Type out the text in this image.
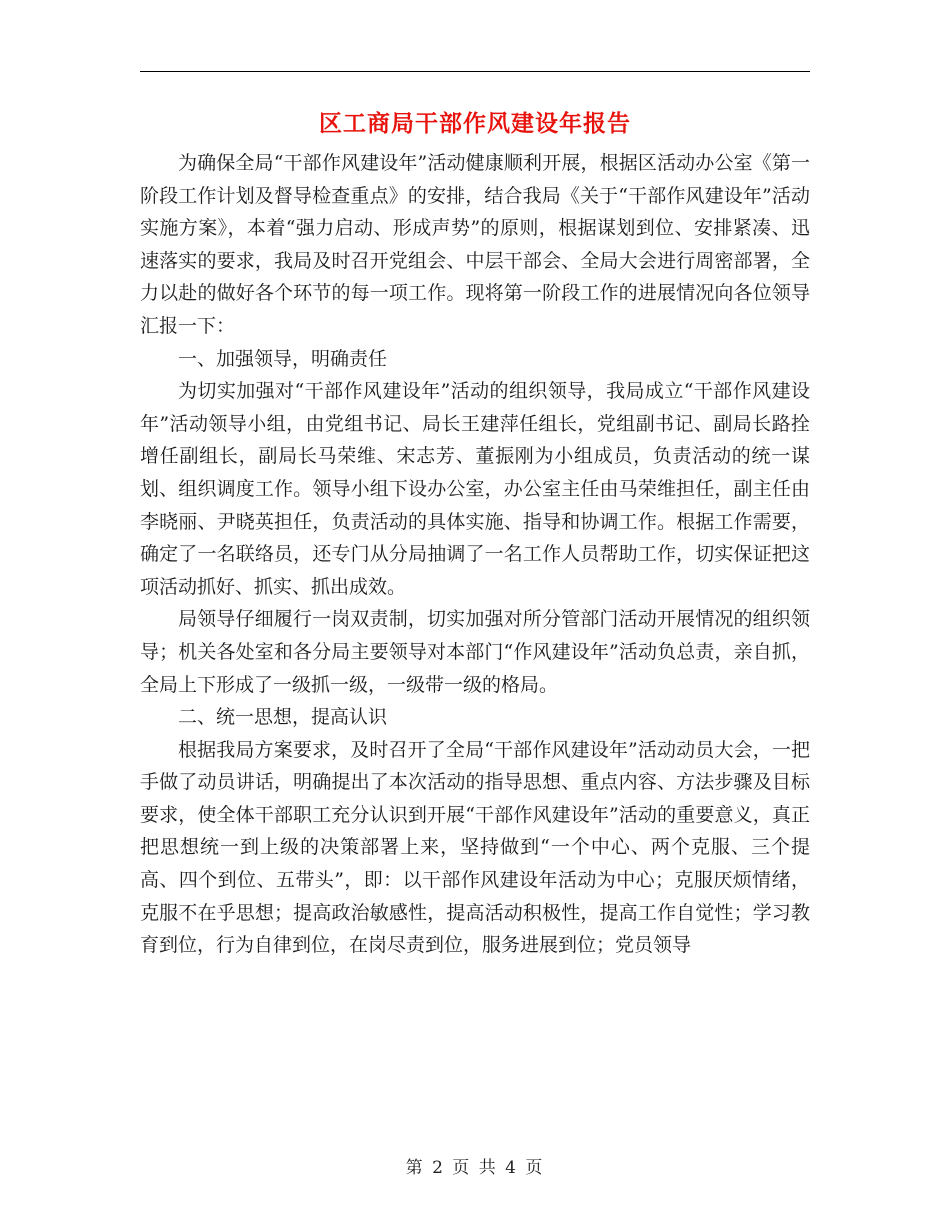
区工商局干部作风建设年报告

为确保全局“干部作风建设年”活动健康顺利开展，根据区活动办公室《第一阶段工作计划及督导检查重点》的安排，结合我局《关于“干部作风建设年”活动实施方案》，本着“强力启动、形成声势”的原则，根据谋划到位、安排紧凑、迅速落实的要求，我局及时召开党组会、中层干部会、全局大会进行周密部署，全力以赴的做好各个环节的每一项工作。现将第一阶段工作的进展情况向各位领导汇报一下：

一、加强领导，明确责任

为切实加强对“干部作风建设年”活动的组织领导，我局成立“干部作风建设年”活动领导小组，由党组书记、局长王建萍任组长，党组副书记、副局长路拴增任副组长，副局长马荣维、宋志芳、董振刚为小组成员，负责活动的统一谋划、组织调度工作。领导小组下设办公室，办公室主任由马荣维担任，副主任由李晓丽、尹晓英担任，负责活动的具体实施、指导和协调工作。根据工作需要，确定了一名联络员，还专门从分局抽调了一名工作人员帮助工作，切实保证把这项活动抓好、抓实、抓出成效。

局领导仔细履行一岗双责制，切实加强对所分管部门活动开展情况的组织领导；机关各处室和各分局主要领导对本部门“作风建设年”活动负总责，亲自抓，全局上下形成了一级抓一级，一级带一级的格局。

二、统一思想，提高认识

根据我局方案要求，及时召开了全局“干部作风建设年”活动动员大会，一把手做了动员讲话，明确提出了本次活动的指导思想、重点内容、方法步骤及目标要求，使全体干部职工充分认识到开展“干部作风建设年”活动的重要意义，真正把思想统一到上级的决策部署上来，坚持做到“一个中心、两个克服、三个提高、四个到位、五带头”，即：以干部作风建设年活动为中心；克服厌烦情绪，克服不在乎思想；提高政治敏感性，提高活动积极性，提高工作自觉性；学习教育到位，行为自律到位，在岗尽责到位，服务进展到位；党员领导

第 2 页 共 4 页
